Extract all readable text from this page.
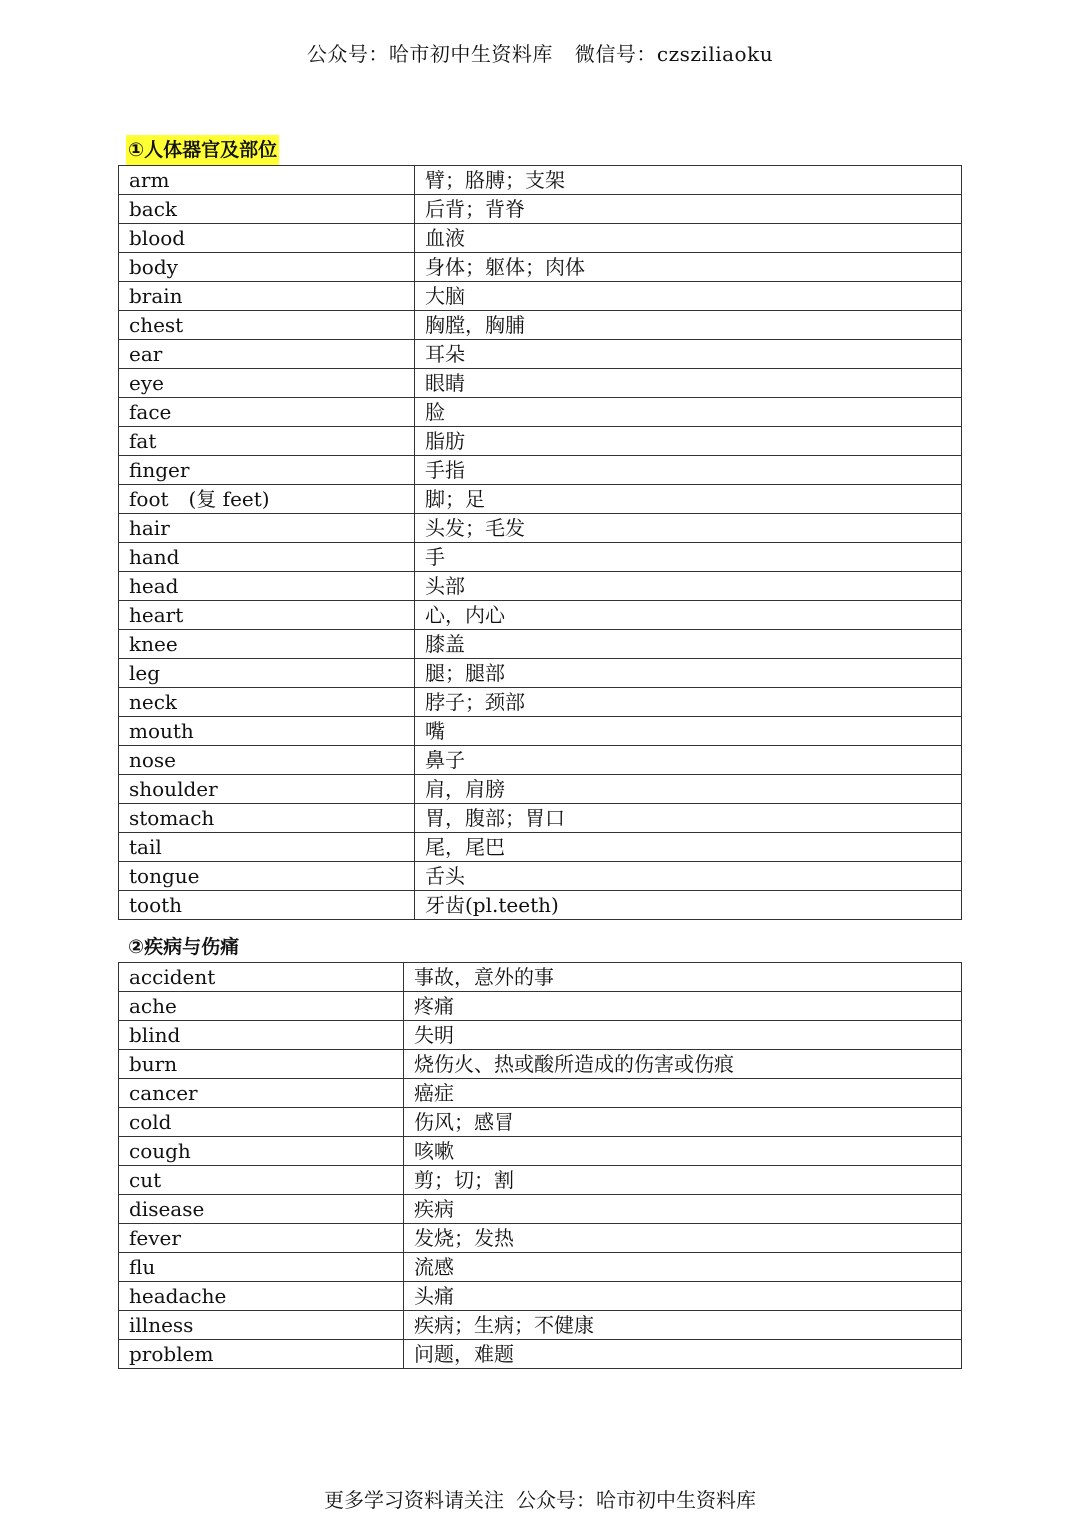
公众号：哈市初中生资料库 微信号：czsziliaoku
①人体器官及部位
arm	臂；胳膊；支架
back	后背；背脊
blood	血液
body	身体；躯体；肉体
brain	大脑
chest	胸膛，胸脯
ear	耳朵
eye	眼睛
face	脸
fat	脂肪
finger	手指
foot　(复 feet)	脚；足
hair	头发；毛发
hand	手
head	头部
heart	心，内心
knee	膝盖
leg	腿；腿部
neck	脖子；颈部
mouth	嘴
nose	鼻子
shoulder	肩，肩膀
stomach	胃，腹部；胃口
tail	尾，尾巴
tongue	舌头
tooth	牙齿(pl.teeth)
②疾病与伤痛
accident	事故，意外的事
ache	疼痛
blind	失明
burn	烧伤火、热或酸所造成的伤害或伤痕
cancer	癌症
cold	伤风；感冒
cough	咳嗽
cut	剪；切；割
disease	疾病
fever	发烧；发热
flu	流感
headache	头痛
illness	疾病；生病；不健康
problem	问题，难题
更多学习资料请关注 公众号：哈市初中生资料库
